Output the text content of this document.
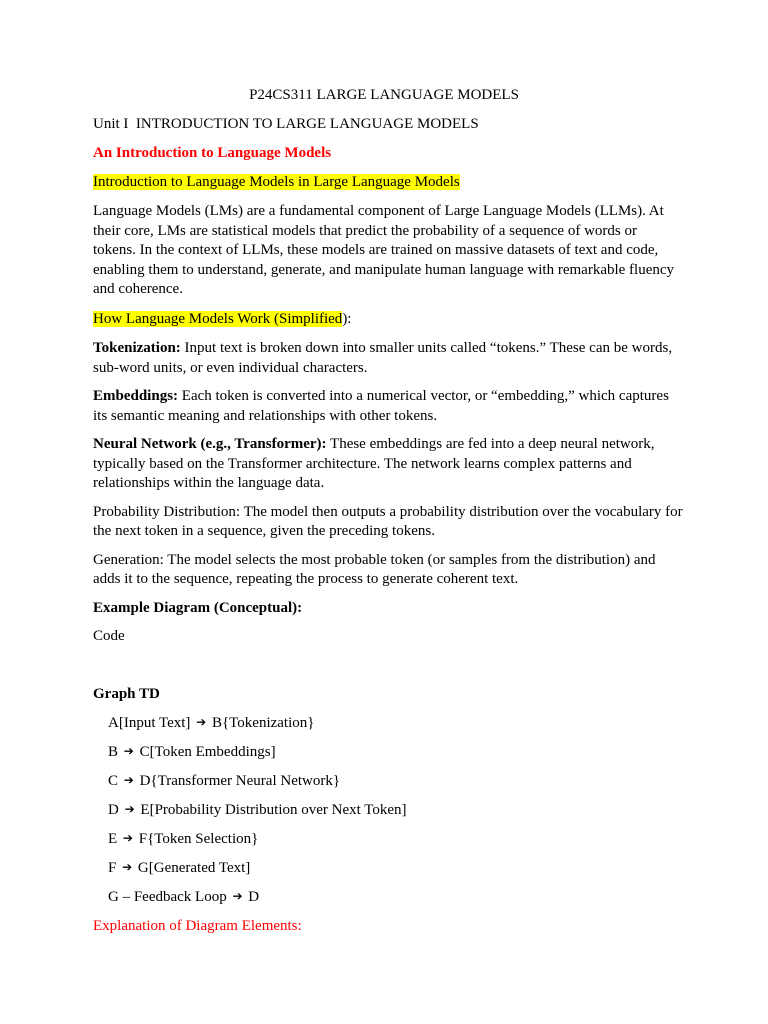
P24CS311 LARGE LANGUAGE MODELS

Unit I  INTRODUCTION TO LARGE LANGUAGE MODELS

An Introduction to Language Models

Introduction to Language Models in Large Language Models

Language Models (LMs) are a fundamental component of Large Language Models (LLMs). At their core, LMs are statistical models that predict the probability of a sequence of words or tokens. In the context of LLMs, these models are trained on massive datasets of text and code, enabling them to understand, generate, and manipulate human language with remarkable fluency and coherence.

How Language Models Work (Simplified):

Tokenization: Input text is broken down into smaller units called “tokens.” These can be words, sub-word units, or even individual characters.

Embeddings: Each token is converted into a numerical vector, or “embedding,” which captures its semantic meaning and relationships with other tokens.

Neural Network (e.g., Transformer): These embeddings are fed into a deep neural network, typically based on the Transformer architecture. The network learns complex patterns and relationships within the language data.

Probability Distribution: The model then outputs a probability distribution over the vocabulary for the next token in a sequence, given the preceding tokens.

Generation: The model selects the most probable token (or samples from the distribution) and adds it to the sequence, repeating the process to generate coherent text.

Example Diagram (Conceptual):

Code

Graph TD

A[Input Text] ➔ B{Tokenization}

B ➔ C[Token Embeddings]

C ➔ D{Transformer Neural Network}

D ➔ E[Probability Distribution over Next Token]

E ➔ F{Token Selection}

F ➔ G[Generated Text]

G – Feedback Loop ➔ D

Explanation of Diagram Elements:
